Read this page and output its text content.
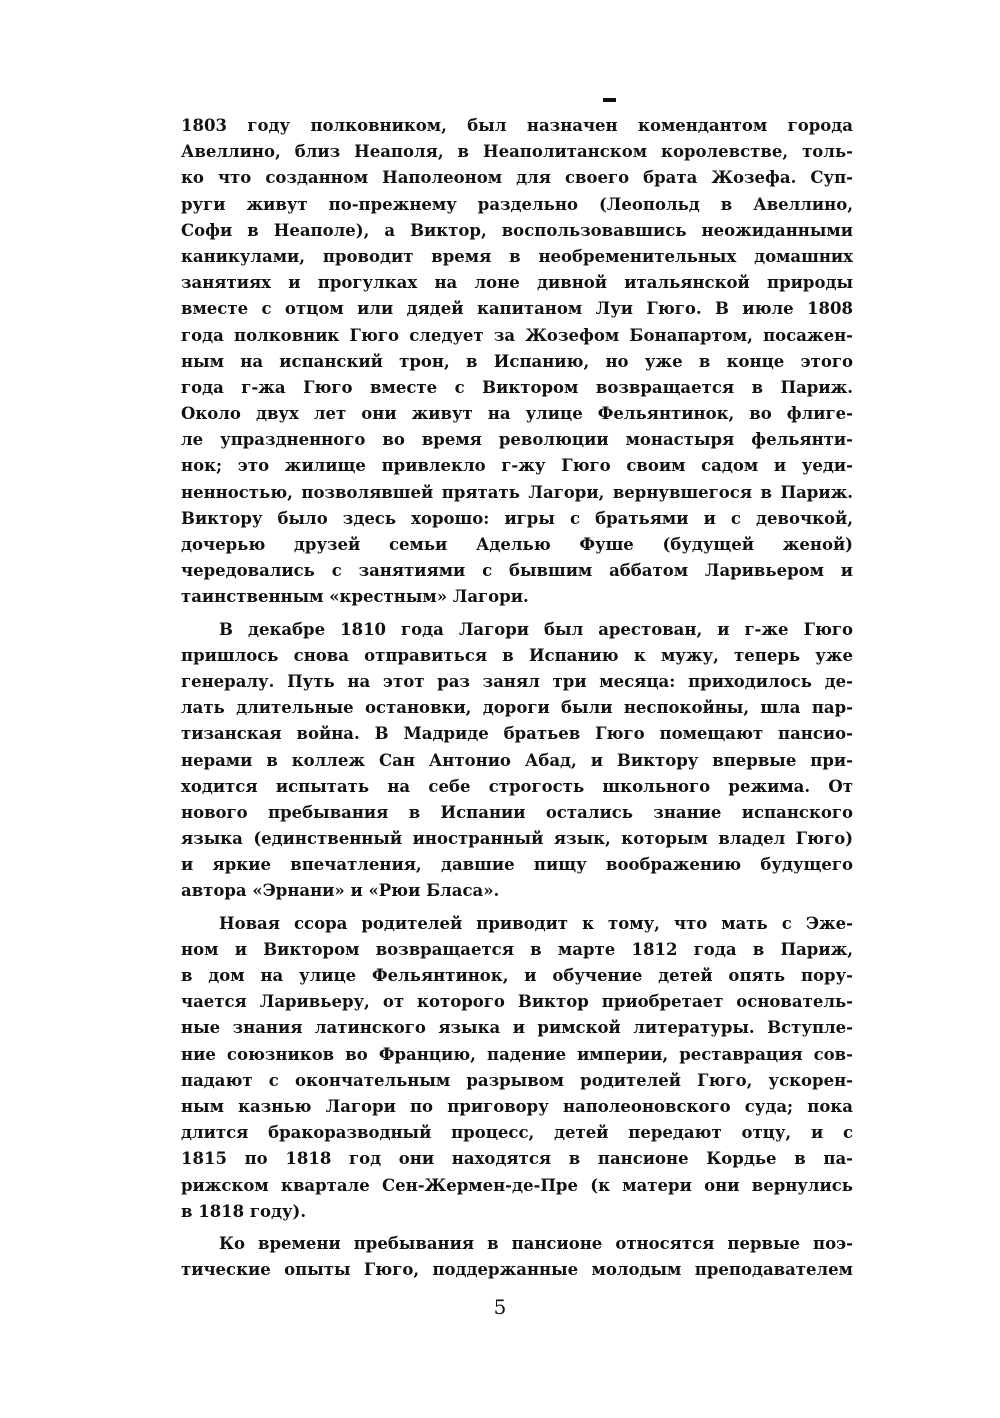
1803 году полковником, был назначен комендантом города
Авеллино, близ Неаполя, в Неаполитанском королевстве, толь-
ко что созданном Наполеоном для своего брата Жозефа. Суп-
руги живут по-прежнему раздельно (Леопольд в Авеллино,
Софи в Неаполе), а Виктор, воспользовавшись неожиданными
каникулами, проводит время в необременительных домашних
занятиях и прогулках на лоне дивной итальянской природы
вместе с отцом или дядей капитаном Луи Гюго. В июле 1808
года полковник Гюго следует за Жозефом Бонапартом, посажен-
ным на испанский трон, в Испанию, но уже в конце этого
года г-жа Гюго вместе с Виктором возвращается в Париж.
Около двух лет они живут на улице Фельянтинок, во флиге-
ле упраздненного во время революции монастыря фельянти-
нок; это жилище привлекло г-жу Гюго своим садом и уеди-
ненностью, позволявшей прятать Лагори, вернувшегося в Париж.
Виктору было здесь хорошо: игры с братьями и с девочкой,
дочерью друзей семьи Аделью Фуше (будущей женой)
чередовались с занятиями с бывшим аббатом Ларивьером и
таинственным «крестным» Лагори.
В декабре 1810 года Лагори был арестован, и г-же Гюго
пришлось снова отправиться в Испанию к мужу, теперь уже
генералу. Путь на этот раз занял три месяца: приходилось де-
лать длительные остановки, дороги были неспокойны, шла пар-
тизанская война. В Мадриде братьев Гюго помещают пансио-
нерами в коллеж Сан Антонио Абад, и Виктору впервые при-
ходится испытать на себе строгость школьного режима. От
нового пребывания в Испании остались знание испанского
языка (единственный иностранный язык, которым владел Гюго)
и яркие впечатления, давшие пищу воображению будущего
автора «Эрнани» и «Рюи Бласа».
Новая ссора родителей приводит к тому, что мать с Эже-
ном и Виктором возвращается в марте 1812 года в Париж,
в дом на улице Фельянтинок, и обучение детей опять пору-
чается Ларивьеру, от которого Виктор приобретает основатель-
ные знания латинского языка и римской литературы. Вступле-
ние союзников во Францию, падение империи, реставрация сов-
падают с окончательным разрывом родителей Гюго, ускорен-
ным казнью Лагори по приговору наполеоновского суда; пока
длится бракоразводный процесс, детей передают отцу, и с
1815 по 1818 год они находятся в пансионе Кордье в па-
рижском квартале Сен-Жермен-де-Пре (к матери они вернулись
в 1818 году).
Ко времени пребывания в пансионе относятся первые поэ-
тические опыты Гюго, поддержанные молодым преподавателем
5
